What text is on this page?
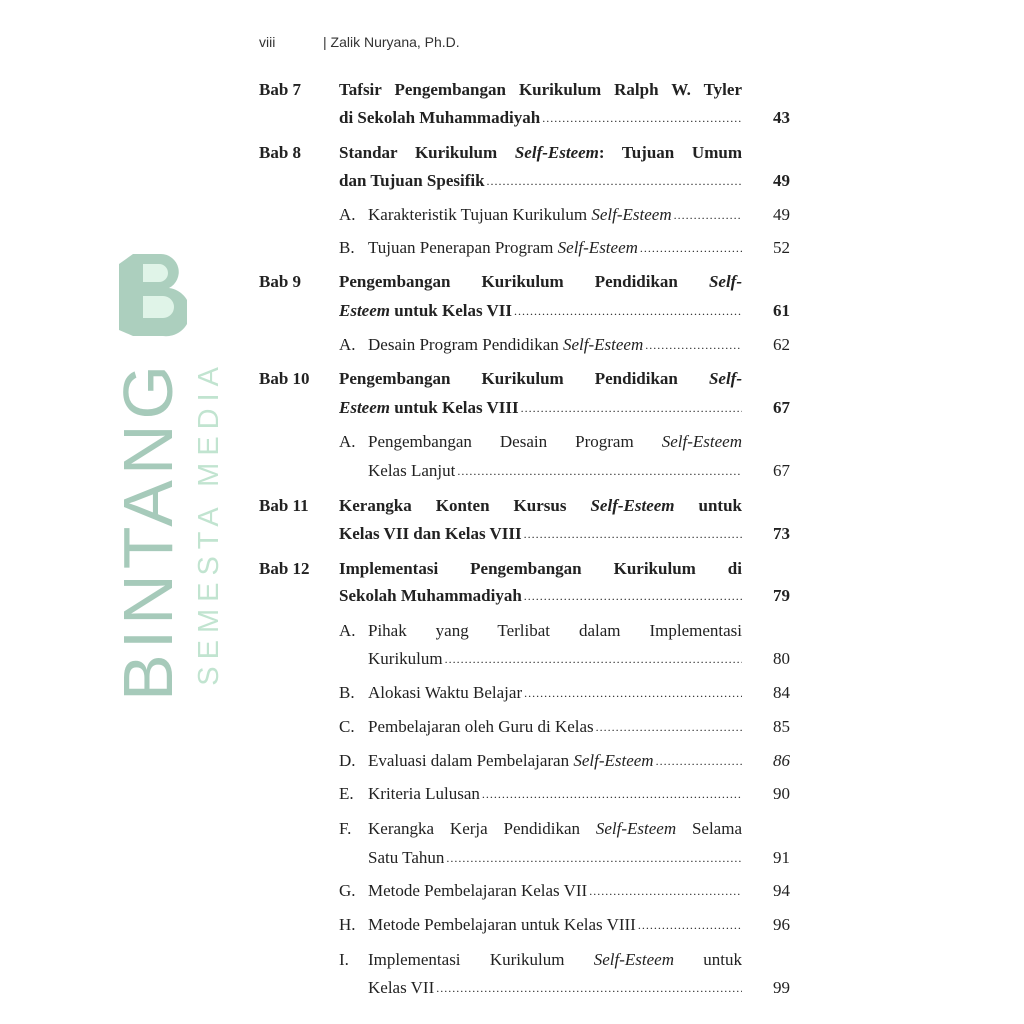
viii	| Zalik Nuryana, Ph.D.
BINTANG SEMESTA MEDIA
Bab 7 Tafsir Pengembangan Kurikulum Ralph W. Tyler
di Sekolah Muhammadiyah .....	43
Bab 8 Standar Kurikulum Self-Esteem: Tujuan Umum
dan Tujuan Spesifik .....	49
A. Karakteristik Tujuan Kurikulum Self-Esteem .....	49
B. Tujuan Penerapan Program Self-Esteem .....	52
Bab 9 Pengembangan Kurikulum Pendidikan Self-
Esteem untuk Kelas VII .....	61
A. Desain Program Pendidikan Self-Esteem .....	62
Bab 10 Pengembangan Kurikulum Pendidikan Self-
Esteem untuk Kelas VIII .....	67
A. Pengembangan Desain Program Self-Esteem
Kelas Lanjut .....	67
Bab 11 Kerangka Konten Kursus Self-Esteem untuk
Kelas VII dan Kelas VIII .....	73
Bab 12 Implementasi Pengembangan Kurikulum di
Sekolah Muhammadiyah .....	79
A. Pihak yang Terlibat dalam Implementasi
Kurikulum .....	80
B. Alokasi Waktu Belajar .....	84
C. Pembelajaran oleh Guru di Kelas .....	85
D. Evaluasi dalam Pembelajaran Self-Esteem .....	86
E. Kriteria Lulusan .....	90
F. Kerangka Kerja Pendidikan Self-Esteem Selama
Satu Tahun .....	91
G. Metode Pembelajaran Kelas VII .....	94
H. Metode Pembelajaran untuk Kelas VIII .....	96
I. Implementasi Kurikulum Self-Esteem untuk
Kelas VII .....	99
